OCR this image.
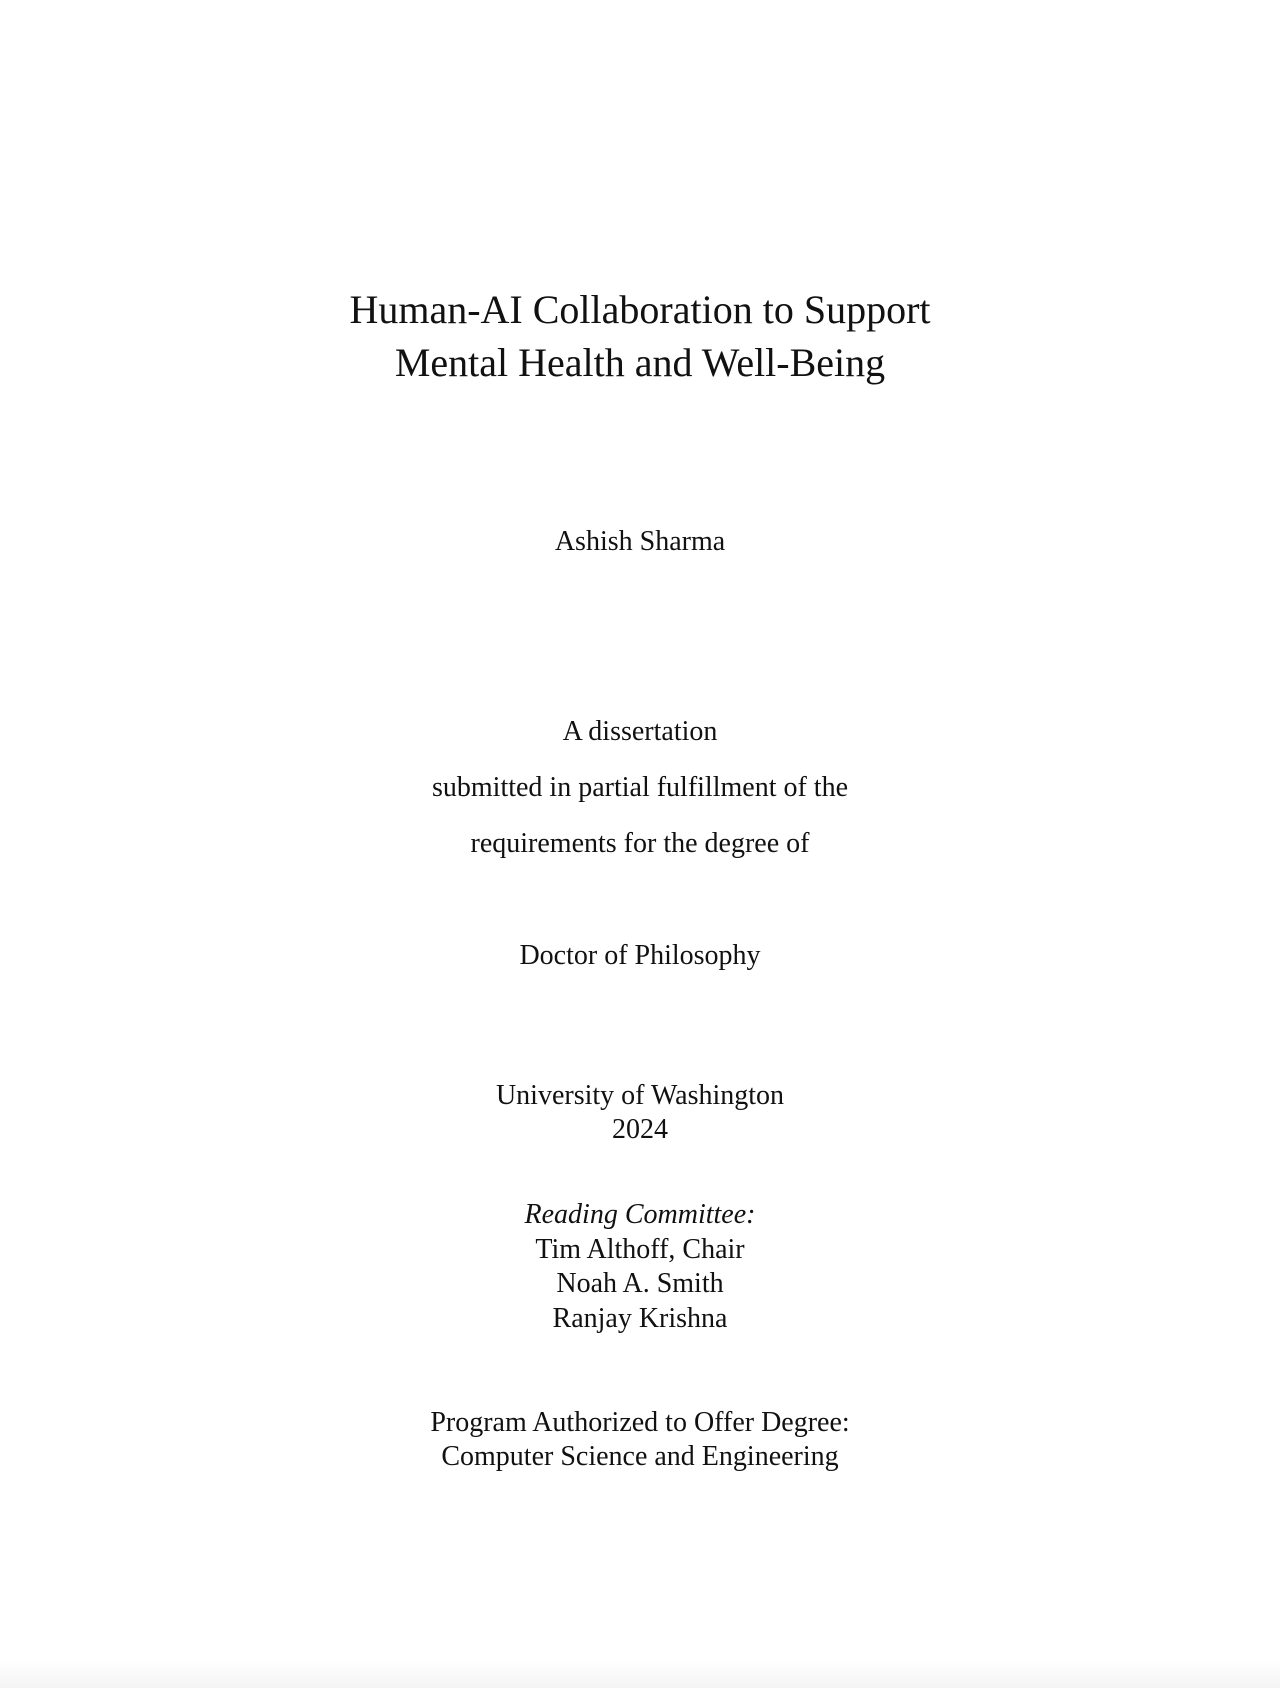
Human-AI Collaboration to Support
Mental Health and Well-Being
Ashish Sharma
A dissertation
submitted in partial fulfillment of the
requirements for the degree of
Doctor of Philosophy
University of Washington
2024
Reading Committee:
Tim Althoff, Chair
Noah A. Smith
Ranjay Krishna
Program Authorized to Offer Degree:
Computer Science and Engineering
